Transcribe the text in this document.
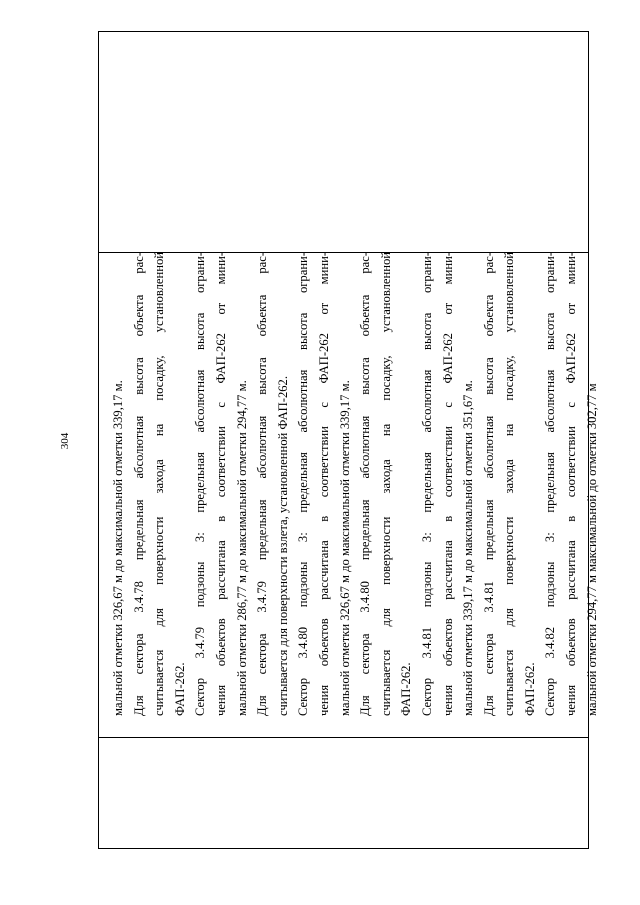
304	мальной отметки 326,67 м до максимальной отметки 339,17 м. Для сектора 3.4.78 предельная абсолютная высота объекта рас- считывается для поверхности захода на посадку, установленной ФАП-262. Сектор 3.4.79 подзоны 3: предельная абсолютная высота ограни- чения объектов рассчитана в соответствии с ФАП-262 от мини- мальной отметки 286,77 м до максимальной отметки 294,77 м. Для сектора 3.4.79 предельная абсолютная высота объекта рас- считывается для поверхности взлета, установленной ФАП-262. Сектор 3.4.80 подзоны 3: предельная абсолютная высота ограни- чения объектов рассчитана в соответствии с ФАП-262 от мини- мальной отметки 326,67 м до максимальной отметки 339,17 м. Для сектора 3.4.80 предельная абсолютная высота объекта рас- считывается для поверхности захода на посадку, установленной ФАП-262. Сектор 3.4.81 подзоны 3: предельная абсолютная высота ограни- чения объектов рассчитана в соответствии с ФАП-262 от мини- мальной отметки 339,17 м до максимальной отметки 351,67 м. Для сектора 3.4.81 предельная абсолютная высота объекта рас- считывается для поверхности захода на посадку, установленной ФАП-262. Сектор 3.4.82 подзоны 3: предельная абсолютная высота ограни- чения объектов рассчитана в соответствии с ФАП-262 от мини- мальной отметки 294,77 м максимальной до отметки 302,77 м
